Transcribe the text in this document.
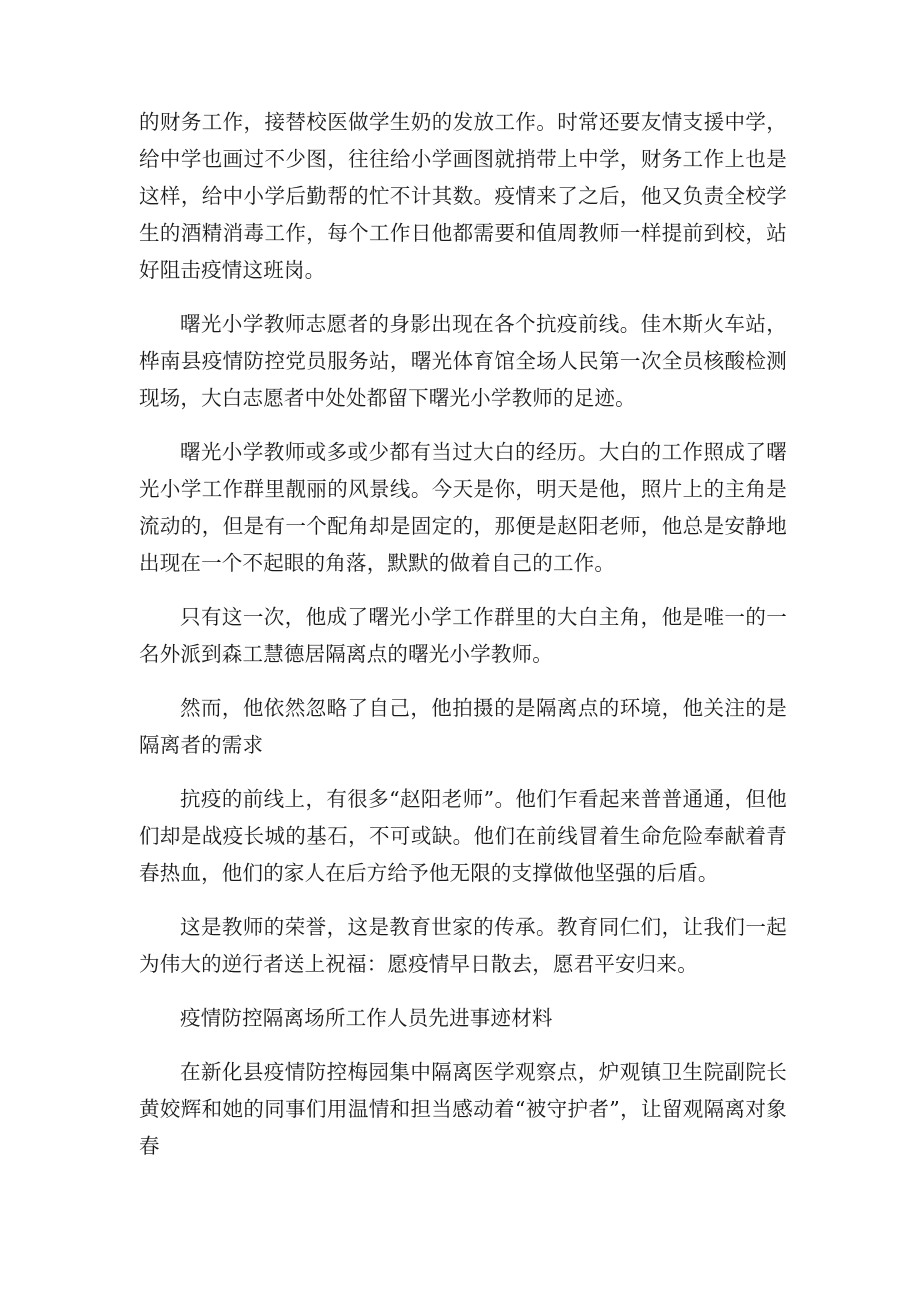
的财务工作，接替校医做学生奶的发放工作。时常还要友情支援中学，给中学也画过不少图，往往给小学画图就捎带上中学，财务工作上也是这样，给中小学后勤帮的忙不计其数。疫情来了之后，他又负责全校学生的酒精消毒工作，每个工作日他都需要和值周教师一样提前到校，站好阻击疫情这班岗。

曙光小学教师志愿者的身影出现在各个抗疫前线。佳木斯火车站，桦南县疫情防控党员服务站，曙光体育馆全场人民第一次全员核酸检测现场，大白志愿者中处处都留下曙光小学教师的足迹。

曙光小学教师或多或少都有当过大白的经历。大白的工作照成了曙光小学工作群里靓丽的风景线。今天是你，明天是他，照片上的主角是流动的，但是有一个配角却是固定的，那便是赵阳老师，他总是安静地出现在一个不起眼的角落，默默的做着自己的工作。

只有这一次，他成了曙光小学工作群里的大白主角，他是唯一的一名外派到森工慧德居隔离点的曙光小学教师。

然而，他依然忽略了自己，他拍摄的是隔离点的环境，他关注的是隔离者的需求

抗疫的前线上，有很多“赵阳老师”。他们乍看起来普普通通，但他们却是战疫长城的基石，不可或缺。他们在前线冒着生命危险奉献着青春热血，他们的家人在后方给予他无限的支撑做他坚强的后盾。

这是教师的荣誉，这是教育世家的传承。教育同仁们，让我们一起为伟大的逆行者送上祝福：愿疫情早日散去，愿君平安归来。

疫情防控隔离场所工作人员先进事迹材料

在新化县疫情防控梅园集中隔离医学观察点，炉观镇卫生院副院长黄姣辉和她的同事们用温情和担当感动着“被守护者”，让留观隔离对象春
